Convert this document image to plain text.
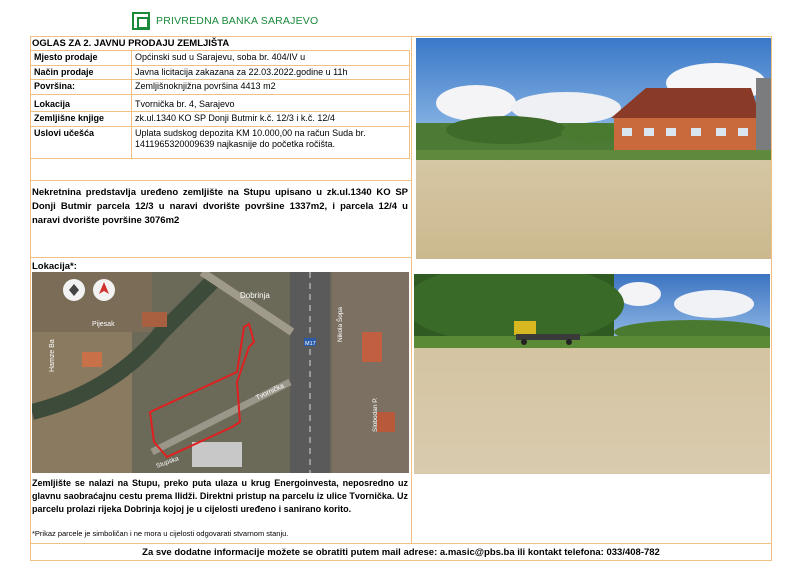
PRIVREDNA BANKA SARAJEVO
OGLAS ZA 2. JAVNU PRODAJU ZEMLJIŠTA
Mjesto prodaje	Općinski sud u Sarajevu, soba br. 404/IV u
Način prodaje	Javna licitacija zakazana za 22.03.2022.godine u 11h
Površina:	Zemljišnoknjižna površina 4413 m2
Lokacija	Tvornička br. 4, Sarajevo
Zemljišne knjige	zk.ul.1340 KO SP Donji Butmir k.č. 12/3 i k.č. 12/4
Uslovi učešća	Uplata sudskog depozita KM 10.000,00 na račun Suda br. 1411965320009639 najkasnije do početka ročišta.
Nekretnina predstavlja uređeno zemljište na Stupu upisano u zk.ul.1340 KO SP Donji Butmir parcela 12/3 u naravi dvorište površine 1337m2, i parcela 12/4 u naravi dvorište površine 3076m2
Lokacija*:
Dobrinja
Tvornička
Pijesak
Hamze Ba
Nikola Šopa
Stupska
Slobodan P.
M17
Zemljište se nalazi na Stupu, preko puta ulaza u krug Energoinvesta, neposredno uz glavnu saobraćajnu cestu prema Ilidži. Direktni pristup na parcelu iz ulice Tvornička. Uz parcelu prolazi rijeka Dobrinja kojoj je u cijelosti uređeno i sanirano korito.
*Prikaz parcele je simboličan i ne mora u cijelosti odgovarati stvarnom stanju.
Za sve dodatne informacije možete se obratiti putem mail adrese: a.masic@pbs.ba ili kontakt telefona: 033/408-782
